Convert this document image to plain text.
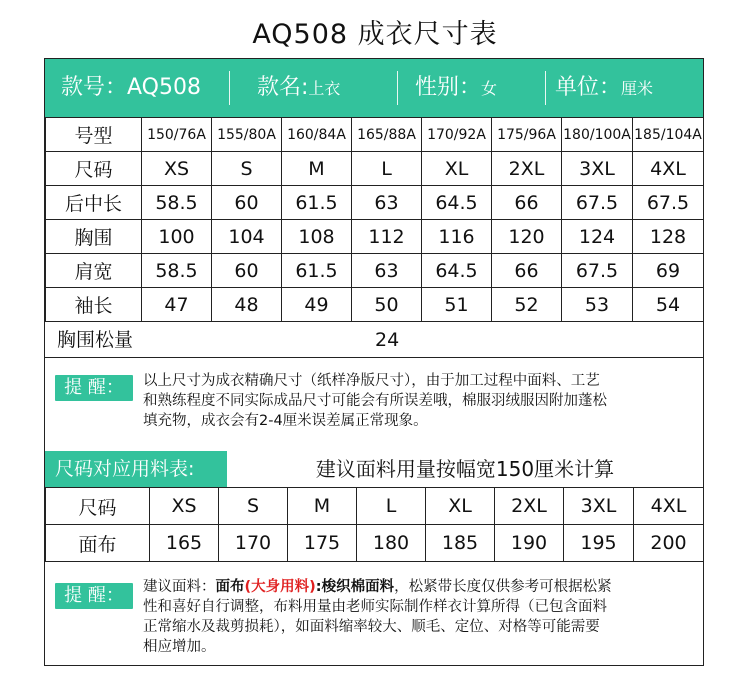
AQ508 成衣尺寸表
款号：AQ508	款名:上衣	性别：女	单位：厘米
号型	150/76A	155/80A	160/84A	165/88A	170/92A	175/96A	180/100A	185/104A
尺码	XS	S	M	L	XL	2XL	3XL	4XL
后中长	58.5	60	61.5	63	64.5	66	67.5	67.5
胸围	100	104	108	112	116	120	124	128
肩宽	58.5	60	61.5	63	64.5	66	67.5	69
袖长	47	48	49	50	51	52	53	54
胸围松量	24
提 醒：	以上尺寸为成衣精确尺寸（纸样净版尺寸），由于加工过程中面料、工艺
和熟练程度不同实际成品尺寸可能会有所误差哦，棉服羽绒服因附加蓬松
填充物，成衣会有2-4厘米误差属正常现象。
尺码对应用料表:	建议面料用量按幅宽150厘米计算
尺码	XS	S	M	L	XL	2XL	3XL	4XL
面布	165	170	175	180	185	190	195	200
提 醒：	建议面料：面布(大身用料):梭织棉面料，松紧带长度仅供参考可根据松紧
性和喜好自行调整，布料用量由老师实际制作样衣计算所得（已包含面料
正常缩水及裁剪损耗），如面料缩率较大、顺毛、定位、对格等可能需要
相应增加。
